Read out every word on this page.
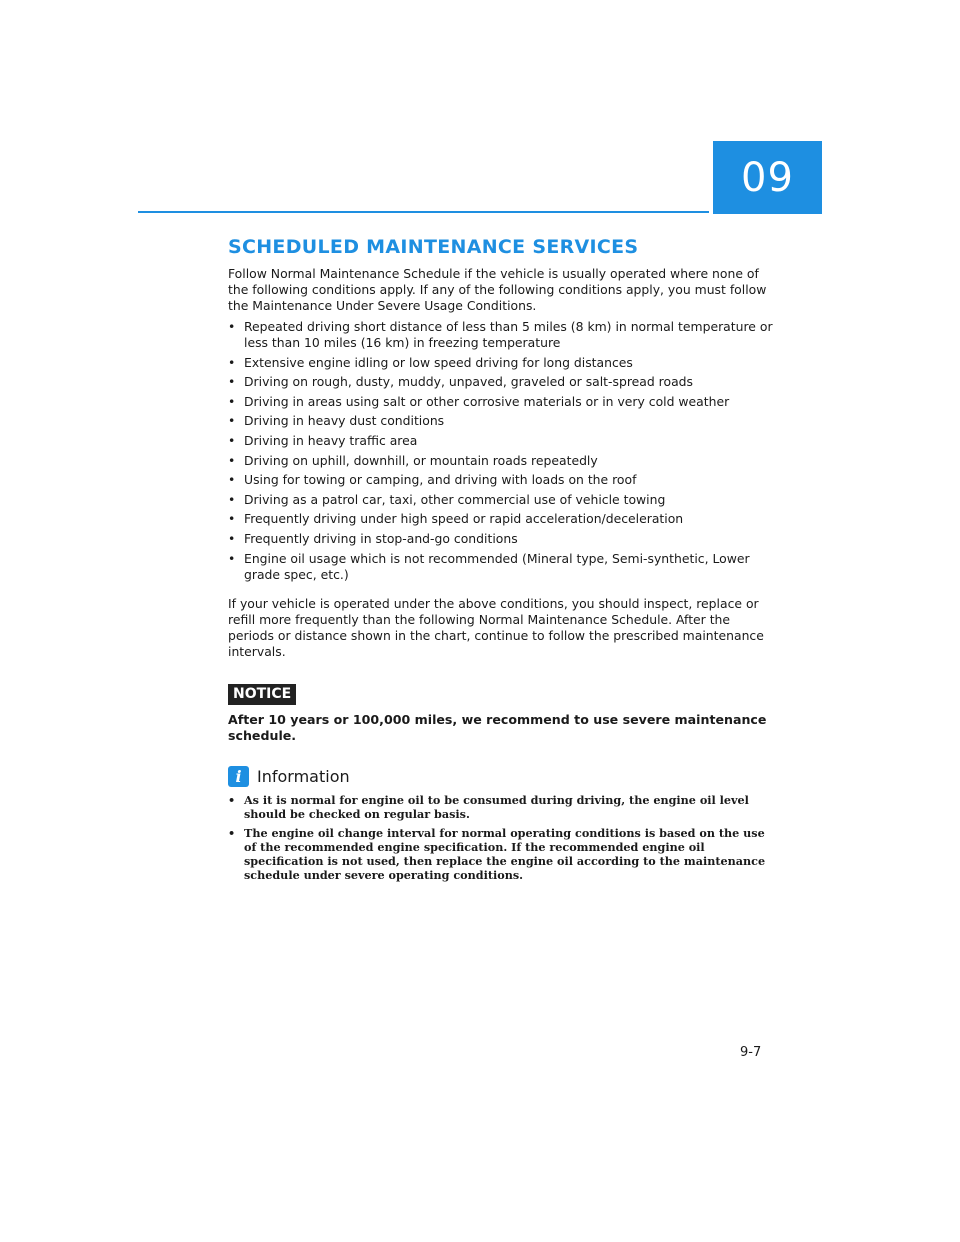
09
SCHEDULED MAINTENANCE SERVICES

Follow Normal Maintenance Schedule if the vehicle is usually operated where none of the following conditions apply. If any of the following conditions apply, you must follow the Maintenance Under Severe Usage Conditions.

• Repeated driving short distance of less than 5 miles (8 km) in normal temperature or less than 10 miles (16 km) in freezing temperature
• Extensive engine idling or low speed driving for long distances
• Driving on rough, dusty, muddy, unpaved, graveled or salt-spread roads
• Driving in areas using salt or other corrosive materials or in very cold weather
• Driving in heavy dust conditions
• Driving in heavy traffic area
• Driving on uphill, downhill, or mountain roads repeatedly
• Using for towing or camping, and driving with loads on the roof
• Driving as a patrol car, taxi, other commercial use of vehicle towing
• Frequently driving under high speed or rapid acceleration/deceleration
• Frequently driving in stop-and-go conditions
• Engine oil usage which is not recommended (Mineral type, Semi-synthetic, Lower grade spec, etc.)

If your vehicle is operated under the above conditions, you should inspect, replace or refill more frequently than the following Normal Maintenance Schedule. After the periods or distance shown in the chart, continue to follow the prescribed maintenance intervals.

NOTICE

After 10 years or 100,000 miles, we recommend to use severe maintenance schedule.

i Information
• As it is normal for engine oil to be consumed during driving, the engine oil level should be checked on regular basis.
• The engine oil change interval for normal operating conditions is based on the use of the recommended engine specification. If the recommended engine oil specification is not used, then replace the engine oil according to the maintenance schedule under severe operating conditions.
9-7
